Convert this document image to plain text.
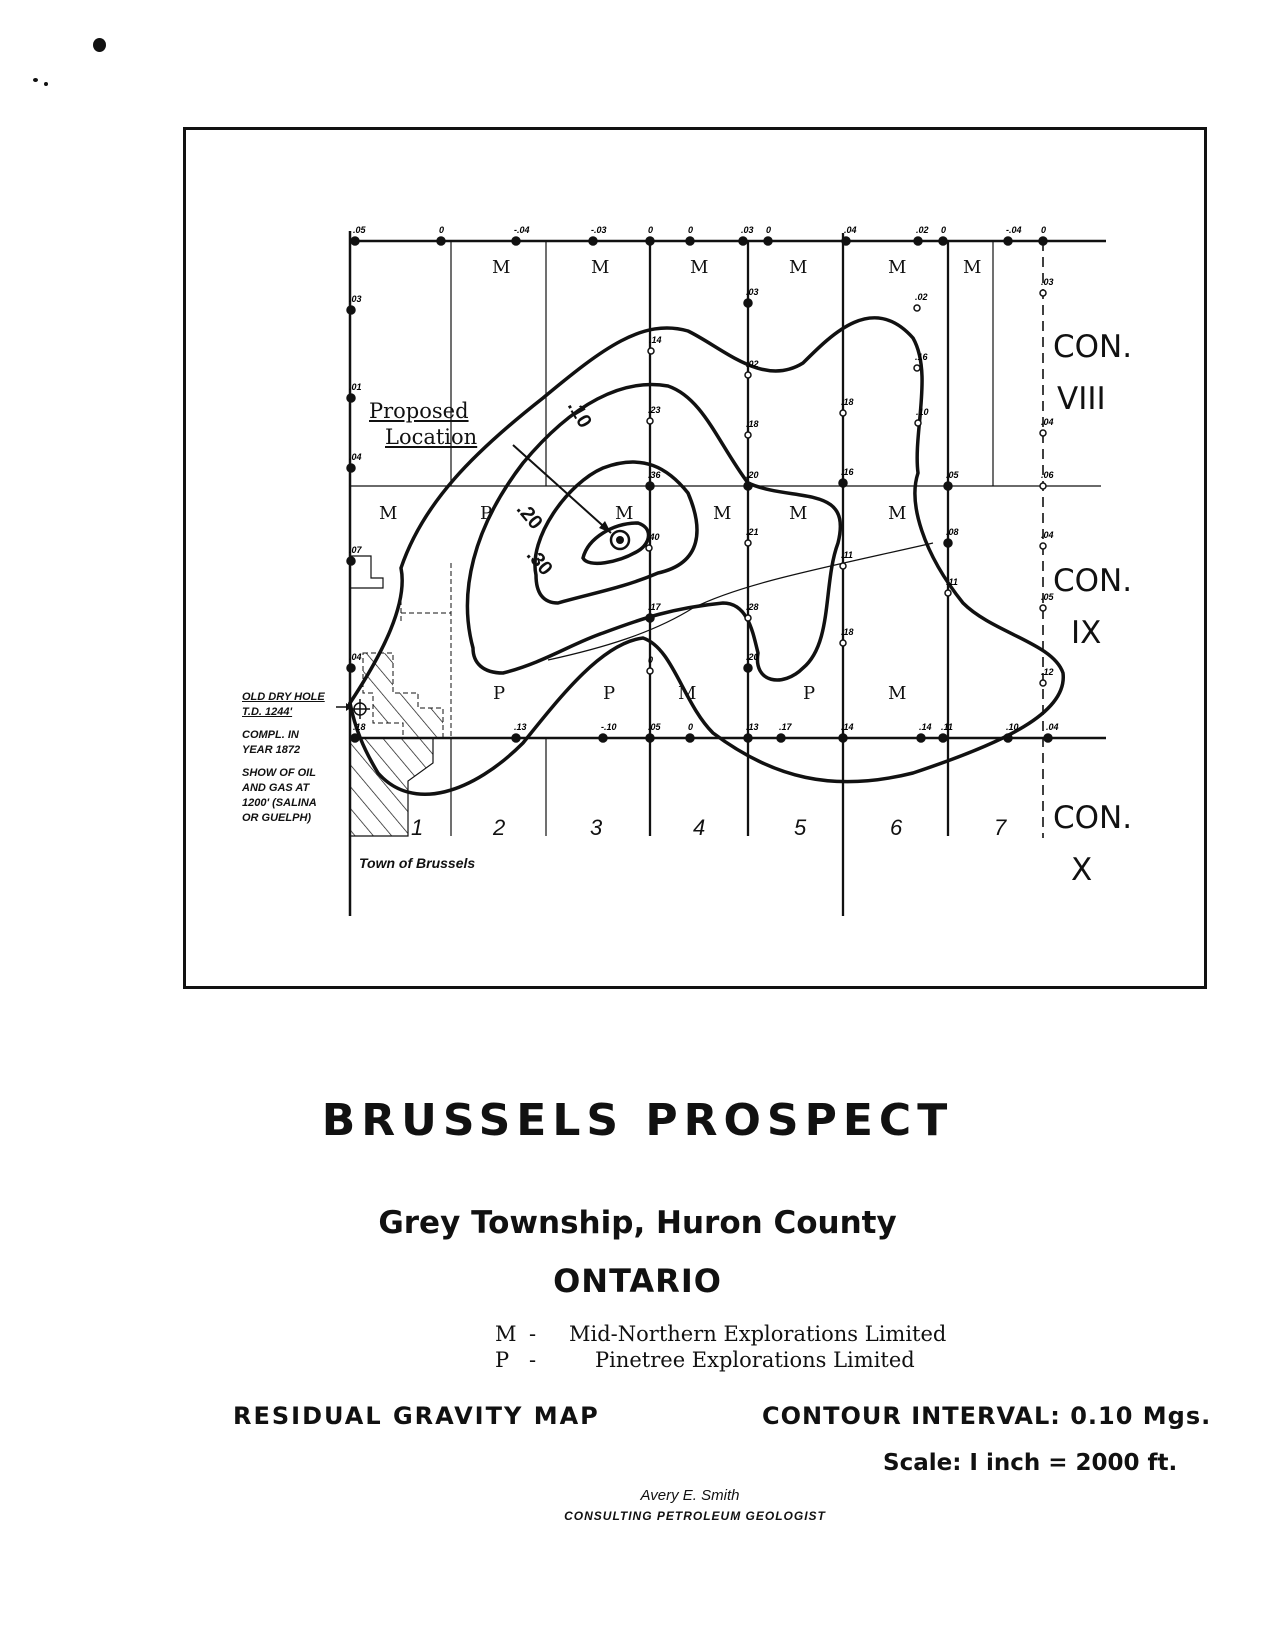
.05	0	-.04	-.03	0	0	.03 0	.04	.02 0	-.04 0
.18	.13	-.10	.05	0	.13 .17	.14	.14 .11	.10	.04
.03
.01
.04
.07
.04
.14
.23
.36
.40
.17
0
.03
.02
.18
.20
.21
.28
.20
.18
.11
.16
.18
.16
.10
.05
.08
.11
.12
.04
.05
.03
.04
.06
.02
Proposed
Location
Town of Brussels
CON.
VIII
CON.
IX
CON.
X
1	2	3	4	5	6	7
M	M	M	M	M	M
M	P	M	M	M	M
P	P	M	P	M
.10
.20
.30
OLD DRY HOLE
T.D. 1244'
COMPL. IN
YEAR 1872
SHOW OF OIL
AND GAS AT
1200' (SALINA
OR GUELPH)
BRUSSELS PROSPECT
Grey Township, Huron County
ONTARIO
M - Mid-Northern Explorations Limited
P -	Pinetree Explorations Limited
RESIDUAL GRAVITY MAP	CONTOUR INTERVAL: 0.10 Mgs.
Scale: I inch = 2000 ft.
Avery E. Smith
CONSULTING PETROLEUM GEOLOGIST
